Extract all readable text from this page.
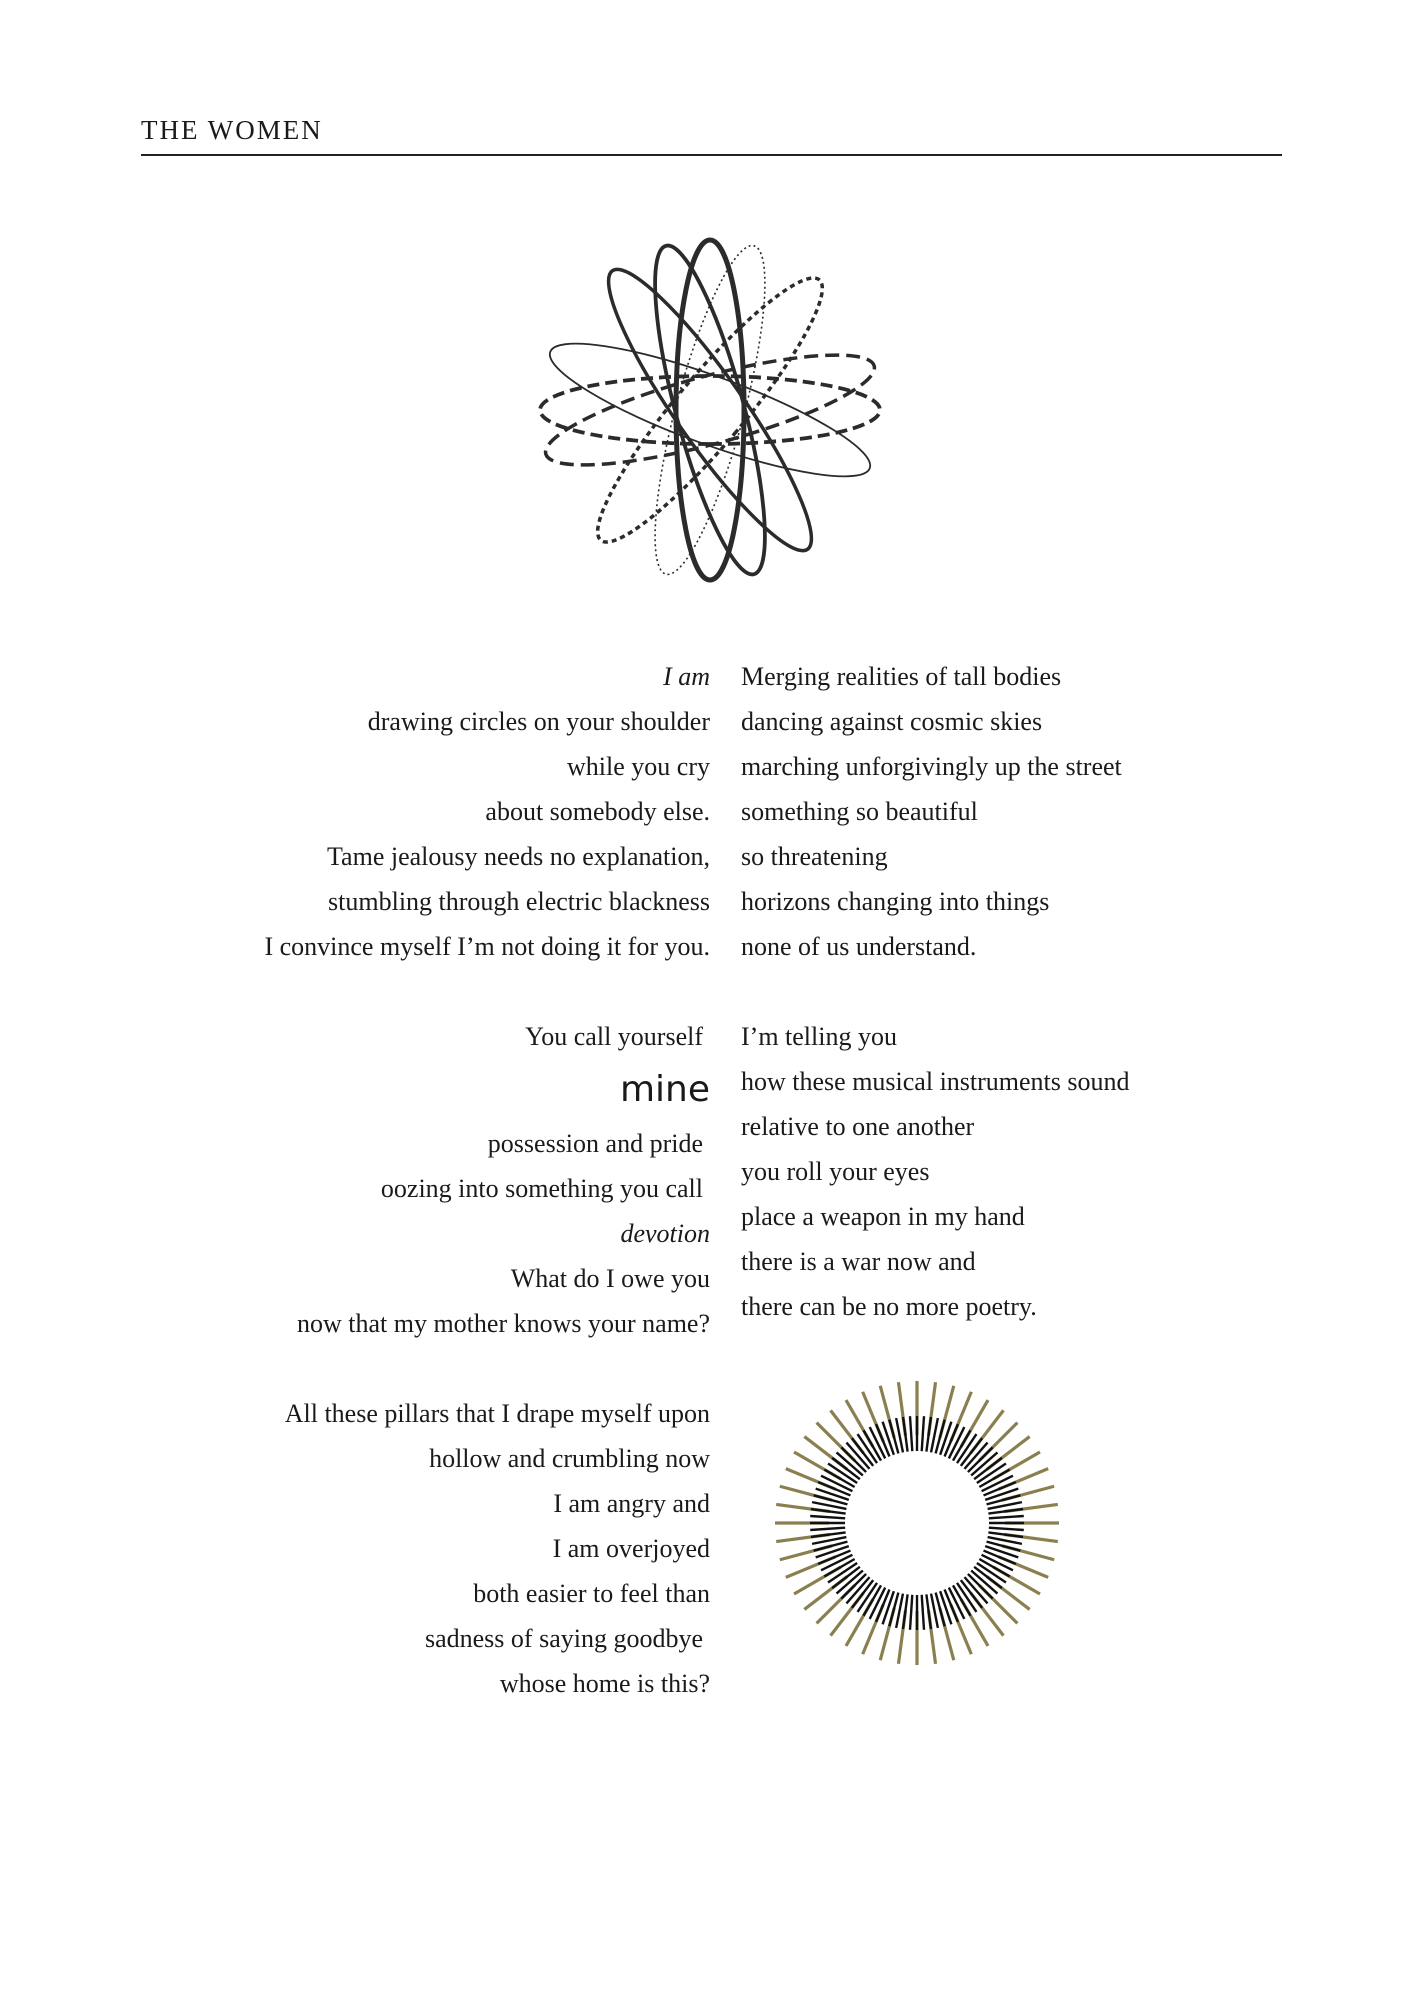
THE WOMEN
I am
drawing circles on your shoulder
while you cry
about somebody else.
Tame jealousy needs no explanation,
stumbling through electric blackness
I convince myself I’m not doing it for you.
You call yourself
mine
possession and pride
oozing into something you call
devotion
What do I owe you
now that my mother knows your name?
All these pillars that I drape myself upon
hollow and crumbling now
I am angry and
I am overjoyed
both easier to feel than
sadness of saying goodbye
whose home is this?
Merging realities of tall bodies
dancing against cosmic skies
marching unforgivingly up the street
something so beautiful
so threatening
horizons changing into things
none of us understand.
I’m telling you
how these musical instruments sound
relative to one another
you roll your eyes
place a weapon in my hand
there is a war now and
there can be no more poetry.
